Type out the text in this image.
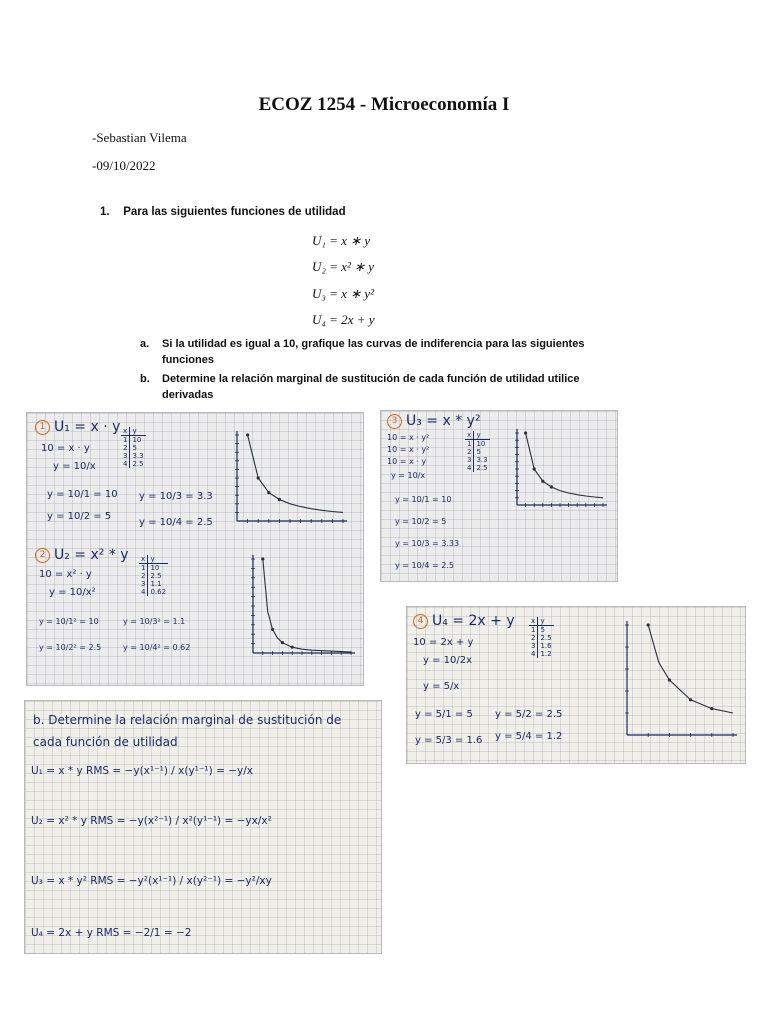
ECOZ 1254 - Microeconomía I
-Sebastian Vilema
-09/10/2022
1. Para las siguientes funciones de utilidad
U₁ = x ∗ y
U₂ = x² ∗ y
U₃ = x ∗ y²
U₄ = 2x + y
a. Si la utilidad es igual a 10, grafique las curvas de indiferencia para las siguientes funciones
b. Determine la relación marginal de sustitución de cada función de utilidad utilice derivadas
1 U₁ = x · y x	y
1	10
2	5
3	3.3
4	2.5
10 = x · y
y = 10/x
y = 10/1 = 10
y = 10/2 = 5
y = 10/3 = 3.3
y = 10/4 = 2.5
2 U₂ = x² * y x	y
1	10
2	2.5
3	1.1
4	0.62
10 = x² · y
y = 10/x²
y = 10/1² = 10
y = 10/2² = 2.5
y = 10/3² = 1.1
y = 10/4² = 0.62
3 U₃ = x * y²
x	y
1	10
2	5
3	3.3
4	2.5
10 = x · y²
10 = x · y²
10 = x · y
y = 10/x
y = 10/1 = 10
y = 10/2 = 5
y = 10/3 = 3.33
y = 10/4 = 2.5
4 U₄ = 2x + y x	y
1	5
2	2.5
3	1.6
4	1.2
10 = 2x + y
y = 10/2x
y = 5/x
y = 5/1 = 5 y = 5/2 = 2.5
y = 5/3 = 1.6 y = 5/4 = 1.2
b. Determine la relación marginal de sustitución de cada función de utilidad
U₁ = x * y RMS = −y(x¹⁻¹) / x(y¹⁻¹) = −y/x
U₂ = x² * y RMS = −y(x²⁻¹) / x²(y¹⁻¹) = −yx/x²
U₃ = x * y² RMS = −y²(x¹⁻¹) / x(y²⁻¹) = −y²/xy
U₄ = 2x + y RMS = −2/1 = −2
